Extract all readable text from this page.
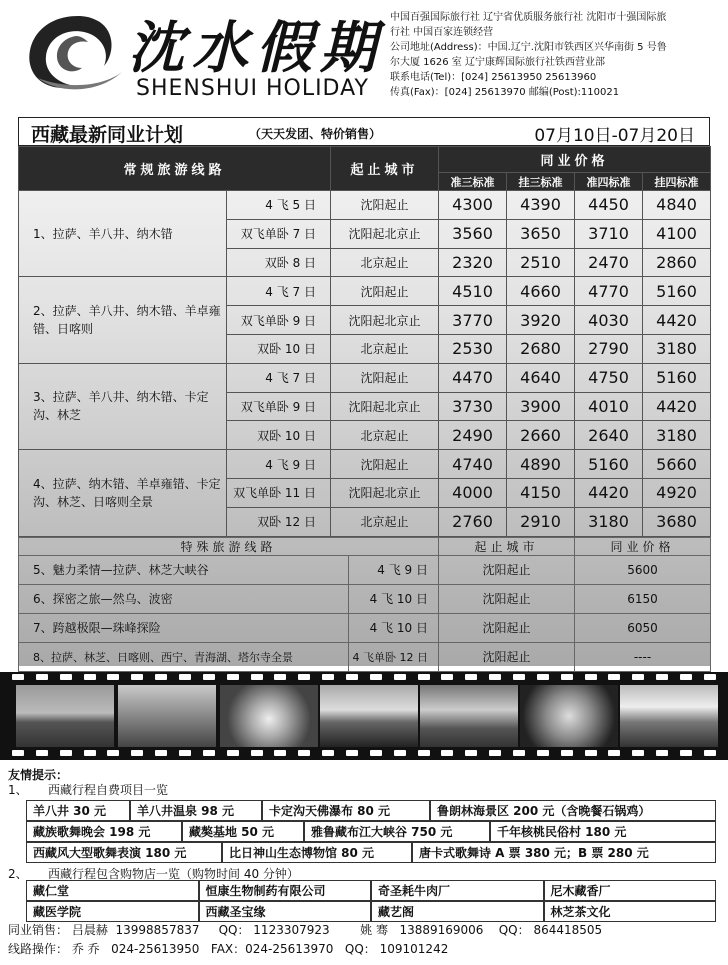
沈水假期
SHENSHUI HOLIDAY
中国百强国际旅行社 辽宁省优质服务旅行社 沈阳市十强国际旅
行社 中国百家连锁经营
公司地址(Address)：中国.辽宁.沈阳市铁西区兴华南街 5 号鲁
尔大厦 1626 室 辽宁康辉国际旅行社铁西营业部
联系电话(Tel)：[024] 25613950 25613960
传真(Fax)：[024] 25613970 邮编(Post):110021
西藏最新同业计划	（天天发团、特价销售）	07月10日-07月20日
常规旅游线路		起止城市	同业价格			
			准三标准	挂三标准	准四标准	挂四标准
1、拉萨、羊八井、纳木错	4 飞 5 日	沈阳起止	4300	4390	4450	4840
	双飞单卧 7 日	沈阳起北京止	3560	3650	3710	4100
	双卧 8 日	北京起止	2320	2510	2470	2860
2、拉萨、羊八井、纳木错、羊卓雍错、日喀则	4 飞 7 日	沈阳起止	4510	4660	4770	5160
	双飞单卧 9 日	沈阳起北京止	3770	3920	4030	4420
	双卧 10 日	北京起止	2530	2680	2790	3180
3、拉萨、羊八井、纳木错、卡定沟、林芝	4 飞 7 日	沈阳起止	4470	4640	4750	5160
	双飞单卧 9 日	沈阳起北京止	3730	3900	4010	4420
	双卧 10 日	北京起止	2490	2660	2640	3180
4、拉萨、纳木错、羊卓雍错、卡定沟、林芝、日喀则全景	4 飞 9 日	沈阳起止	4740	4890	5160	5660
	双飞单卧 11 日	沈阳起北京止	4000	4150	4420	4920
	双卧 12 日	北京起止	2760	2910	3180	3680
特殊旅游线路		起止城市	同业价格
5、魅力柔情—拉萨、林芝大峡谷	4 飞 9 日	沈阳起止	5600
6、探密之旅—然乌、波密	4 飞 10 日	沈阳起止	6150
7、跨越极限—珠峰探险	4 飞 10 日	沈阳起止	6050
8、拉萨、林芝、日喀则、西宁、青海湖、塔尔寺全景	4 飞单卧 12 日	沈阳起止	----
友情提示：
1、 西藏行程自费项目一览
羊八井 30 元	羊八井温泉 98 元	卡定沟天佛瀑布 80 元	鲁朗林海景区 200 元（含晚餐石锅鸡）
藏族歌舞晚会 198 元	藏獒基地 50 元	雅鲁藏布江大峡谷 750 元	千年核桃民俗村 180 元
西藏风大型歌舞表演 180 元	比日神山生态博物馆 80 元	唐卡式歌舞诗 A 票 380 元；B 票 280 元
2、 西藏行程包含购物店一览（购物时间 40 分钟）
藏仁堂	恒康生物制药有限公司	奇圣耗牛肉厂	尼木藏香厂
藏医学院	西藏圣宝缘	藏艺阁	林芝茶文化
同业销售： 吕晨赫 13998857837 QQ： 1123307923	姚 骞 13889169006 QQ： 864418505
线路操作： 乔 乔 024-25613950 FAX：024-25613970 QQ： 109101242
